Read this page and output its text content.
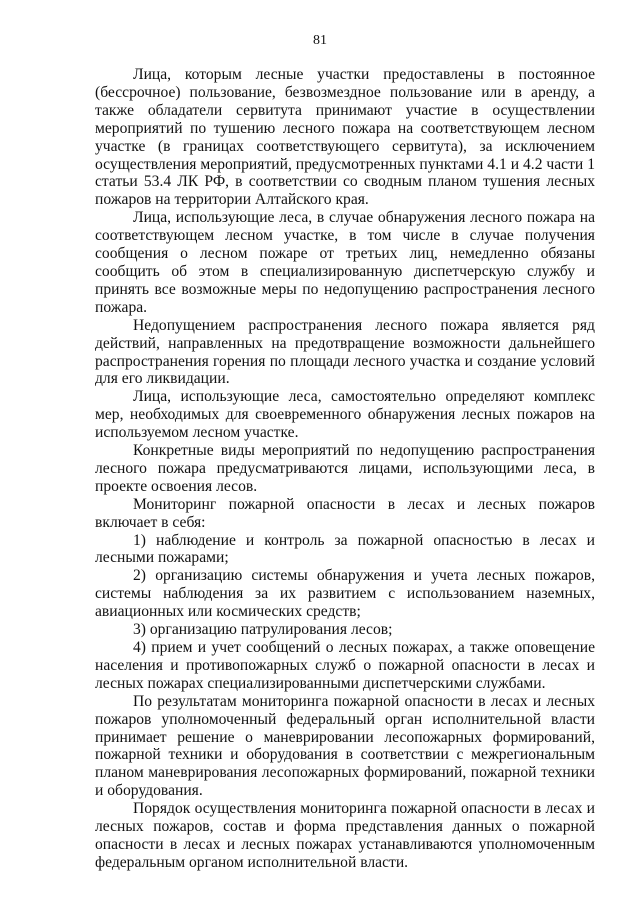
81

Лица, которым лесные участки предоставлены в постоянное (бессрочное) пользование, безвозмездное пользование или в аренду, а также обладатели сервитута принимают участие в осуществлении мероприятий по тушению лесного пожара на соответствующем лесном участке (в границах соответствующего сервитута), за исключением осуществления мероприятий, предусмотренных пунктами 4.1 и 4.2 части 1 статьи 53.4 ЛК РФ, в соответствии со сводным планом тушения лесных пожаров на территории Алтайского края.

Лица, использующие леса, в случае обнаружения лесного пожара на соответствующем лесном участке, в том числе в случае получения сообщения о лесном пожаре от третьих лиц, немедленно обязаны сообщить об этом в специализированную диспетчерскую службу и принять все возможные меры по недопущению распространения лесного пожара.

Недопущением распространения лесного пожара является ряд действий, направленных на предотвращение возможности дальнейшего распространения горения по площади лесного участка и создание условий для его ликвидации.

Лица, использующие леса, самостоятельно определяют комплекс мер, необходимых для своевременного обнаружения лесных пожаров на используемом лесном участке.

Конкретные виды мероприятий по недопущению распространения лесного пожара предусматриваются лицами, использующими леса, в проекте освоения лесов.

Мониторинг пожарной опасности в лесах и лесных пожаров включает в себя:

1) наблюдение и контроль за пожарной опасностью в лесах и лесными пожарами;

2) организацию системы обнаружения и учета лесных пожаров, системы наблюдения за их развитием с использованием наземных, авиационных или космических средств;

3) организацию патрулирования лесов;

4) прием и учет сообщений о лесных пожарах, а также оповещение населения и противопожарных служб о пожарной опасности в лесах и лесных пожарах специализированными диспетчерскими службами.

По результатам мониторинга пожарной опасности в лесах и лесных пожаров уполномоченный федеральный орган исполнительной власти принимает решение о маневрировании лесопожарных формирований, пожарной техники и оборудования в соответствии с межрегиональным планом маневрирования лесопожарных формирований, пожарной техники и оборудования.

Порядок осуществления мониторинга пожарной опасности в лесах и лесных пожаров, состав и форма представления данных о пожарной опасности в лесах и лесных пожарах устанавливаются уполномоченным федеральным органом исполнительной власти.
